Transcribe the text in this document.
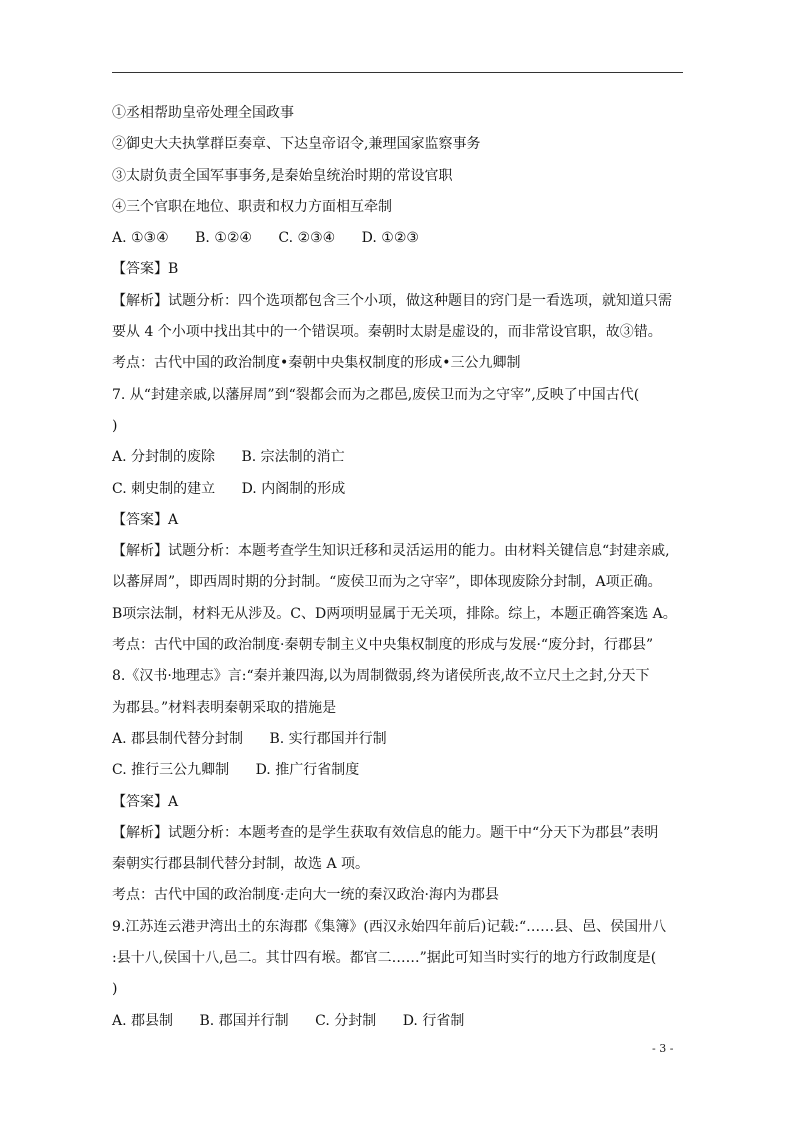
①丞相帮助皇帝处理全国政事
②御史大夫执掌群臣奏章、下达皇帝诏令,兼理国家监察事务
③太尉负责全国军事事务,是秦始皇统治时期的常设官职
④三个官职在地位、职责和权力方面相互牵制
A. ①③④ B. ①②④ C. ②③④ D. ①②③
【答案】B
【解析】试题分析：四个选项都包含三个小项，做这种题目的窍门是一看选项，就知道只需
要从 4 个小项中找出其中的一个错误项。秦朝时太尉是虚设的，而非常设官职，故③错。
考点：古代中国的政治制度•秦朝中央集权制度的形成•三公九卿制
7. 从“封建亲戚,以藩屏周”到“裂都会而为之郡邑,废侯卫而为之守宰”,反映了中国古代(
)
A. 分封制的废除 B. 宗法制的消亡
C. 刺史制的建立 D. 内阁制的形成
【答案】A
【解析】试题分析：本题考查学生知识迁移和灵活运用的能力。由材料关键信息“封建亲戚,
以蕃屏周”，即西周时期的分封制。“废侯卫而为之守宰”，即体现废除分封制，A项正确。
B项宗法制，材料无从涉及。C、D两项明显属于无关项，排除。综上，本题正确答案选 A。
考点：古代中国的政治制度·秦朝专制主义中央集权制度的形成与发展·“废分封，行郡县”
8.《汉书·地理志》言:“秦并兼四海,以为周制微弱,终为诸侯所丧,故不立尺土之封,分天下
为郡县。”材料表明秦朝采取的措施是
A. 郡县制代替分封制 B. 实行郡国并行制
C. 推行三公九卿制 D. 推广行省制度
【答案】A
【解析】试题分析：本题考查的是学生获取有效信息的能力。题干中“分天下为郡县”表明
秦朝实行郡县制代替分封制，故选 A 项。
考点：古代中国的政治制度·走向大一统的秦汉政治·海内为郡县
9.江苏连云港尹湾出土的东海郡《集簿》(西汉永始四年前后)记载:“……县、邑、侯国卅八
:县十八,侯国十八,邑二。其廿四有堠。都官二……”据此可知当时实行的地方行政制度是(
)
A. 郡县制 B. 郡国并行制 C. 分封制 D. 行省制
- 3 -
